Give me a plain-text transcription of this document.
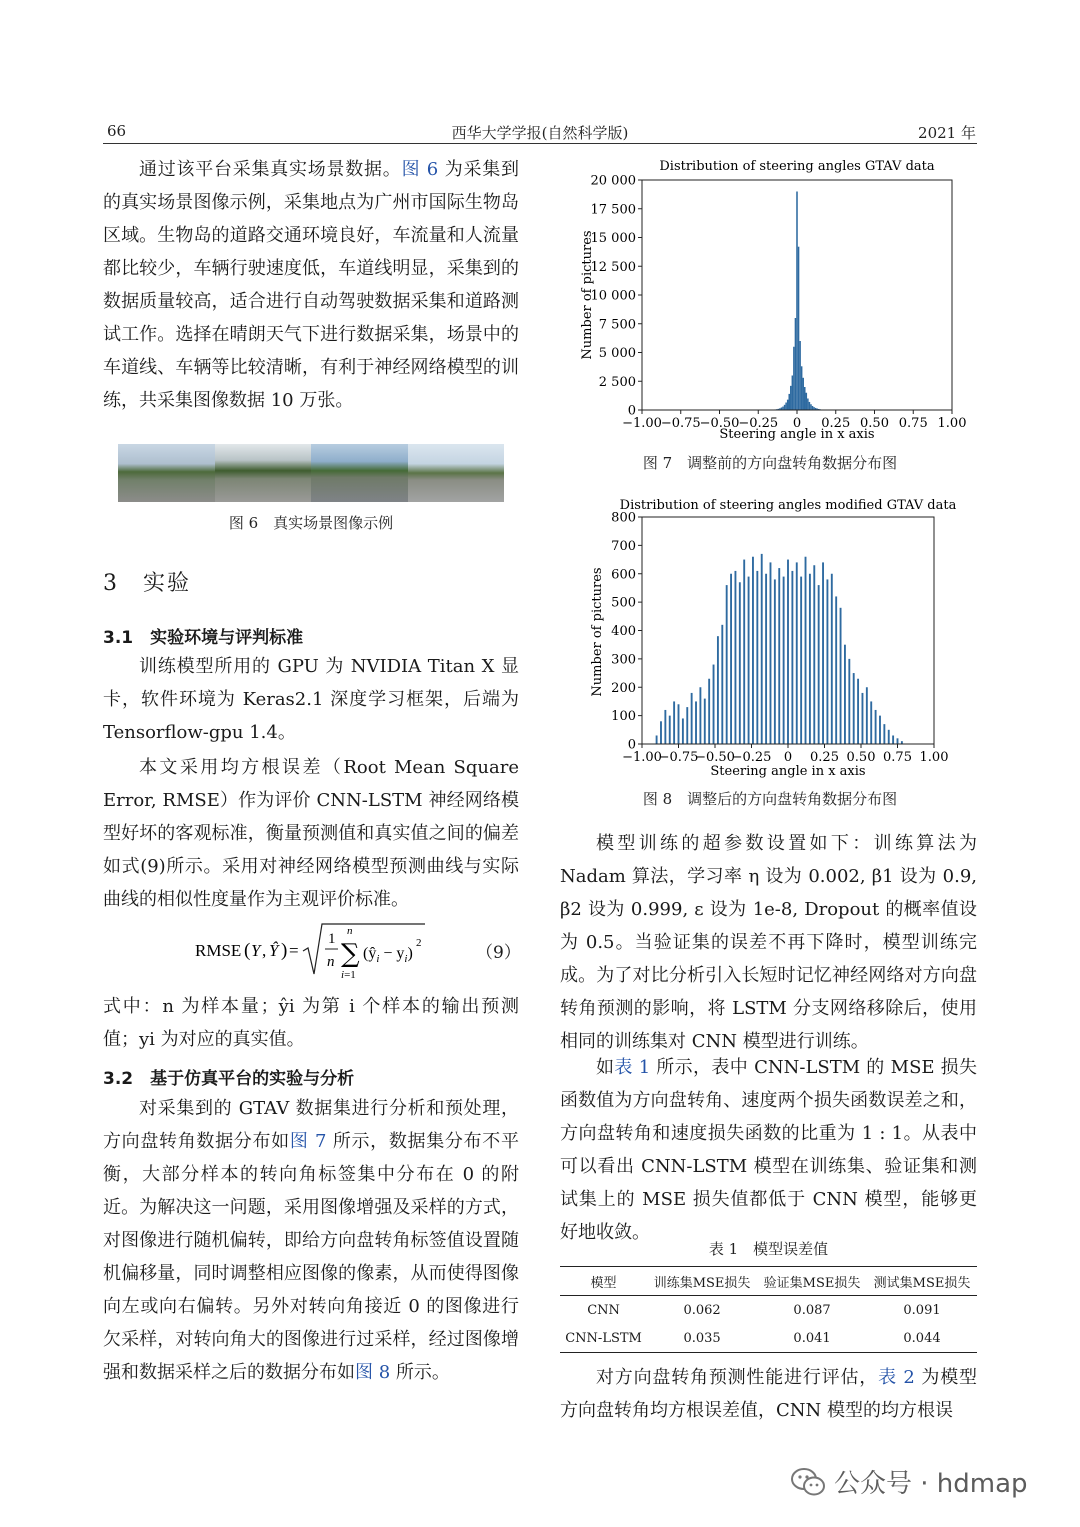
66	西华大学学报(自然科学版)	2021 年

通过该平台采集真实场景数据。图 6 为采集到的真实场景图像示例，采集地点为广州市国际生物岛区域。生物岛的道路交通环境良好，车流量和人流量都比较少，车辆行驶速度低，车道线明显，采集到的数据质量较高，适合进行自动驾驶数据采集和道路测试工作。选择在晴朗天气下进行数据采集，场景中的车道线、车辆等比较清晰，有利于神经网络模型的训练，共采集图像数据 10 万张。

图 6　真实场景图像示例
3　实验
3.1　实验环境与评判标准

训练模型所用的 GPU 为 NVIDIA Titan X 显卡，软件环境为 Keras2.1 深度学习框架，后端为 Tensorflow-gpu 1.4。

本文采用均方根误差（Root Mean Square Error, RMSE）作为评价 CNN-LSTM 神经网络模型好坏的客观标准，衡量预测值和真实值之间的偏差如式(9)所示。采用对神经网络模型预测曲线与实际曲线的相似性度量作为主观评价标准。

RMSE ( Y , Ŷ ) =
1
n
n
∑
i=1
$(ŷ_i - y_i)$
2	（9）

式中：n 为样本量；ŷi 为第 i 个样本的输出预测值；yi 为对应的真实值。

3.2　基于仿真平台的实验与分析

对采集到的 GTAV 数据集进行分析和预处理，方向盘转角数据分布如图 7 所示，数据集分布不平衡，大部分样本的转向角标签集中分布在 0 的附近。为解决这一问题，采用图像增强及采样的方式，对图像进行随机偏转，即给方向盘转角标签值设置随机偏移量，同时调整相应图像的像素，从而使得图像向左或向右偏转。另外对转向角接近 0 的图像进行欠采样，对转向角大的图像进行过采样，经过图像增强和数据采样之后的数据分布如图 8 所示。

Distribution of steering angles GTAV data
Number of pictures
Steering angle in x axis
−1.00
−0.75
−0.50
−0.25 0 0.25 0.50 0.75 1.00
0
2 500
5 000
7 500
10 000
12 500
15 000
17 500
20 000
图 7　调整前的方向盘转角数据分布图
Distribution of steering angles modified GTAV data
Number of pictures
Steering angle in x axis
−1.00
−0.75
−0.50
−0.25 0 0.25 0.50 0.75 1.00
0
100
200
300
400
500
600
700
800
图 8　调整后的方向盘转角数据分布图

模型训练的超参数设置如下：训练算法为 Nadam 算法，学习率 η 设为 0.002, β1 设为 0.9, β2 设为 0.999, ε 设为 1e-8, Dropout 的概率值设为 0.5。当验证集的误差不再下降时，模型训练完成。为了对比分析引入长短时记忆神经网络对方向盘转角预测的影响，将 LSTM 分支网络移除后，使用相同的训练集对 CNN 模型进行训练。

如表 1 所示，表中 CNN-LSTM 的 MSE 损失函数值为方向盘转角、速度两个损失函数误差之和，方向盘转角和速度损失函数的比重为 1 : 1。从表中可以看出 CNN-LSTM 模型在训练集、验证集和测试集上的 MSE 损失值都低于 CNN 模型，能够更好地收敛。

表 1　模型误差值
模型	训练集MSE损失	验证集MSE损失	测试集MSE损失
CNN	0.062	0.087	0.091
CNN-LSTM	0.035	0.041	0.044

对方向盘转角预测性能进行评估，表 2 为模型方向盘转角均方根误差值，CNN 模型的均方根误

公众号 · hdmap
